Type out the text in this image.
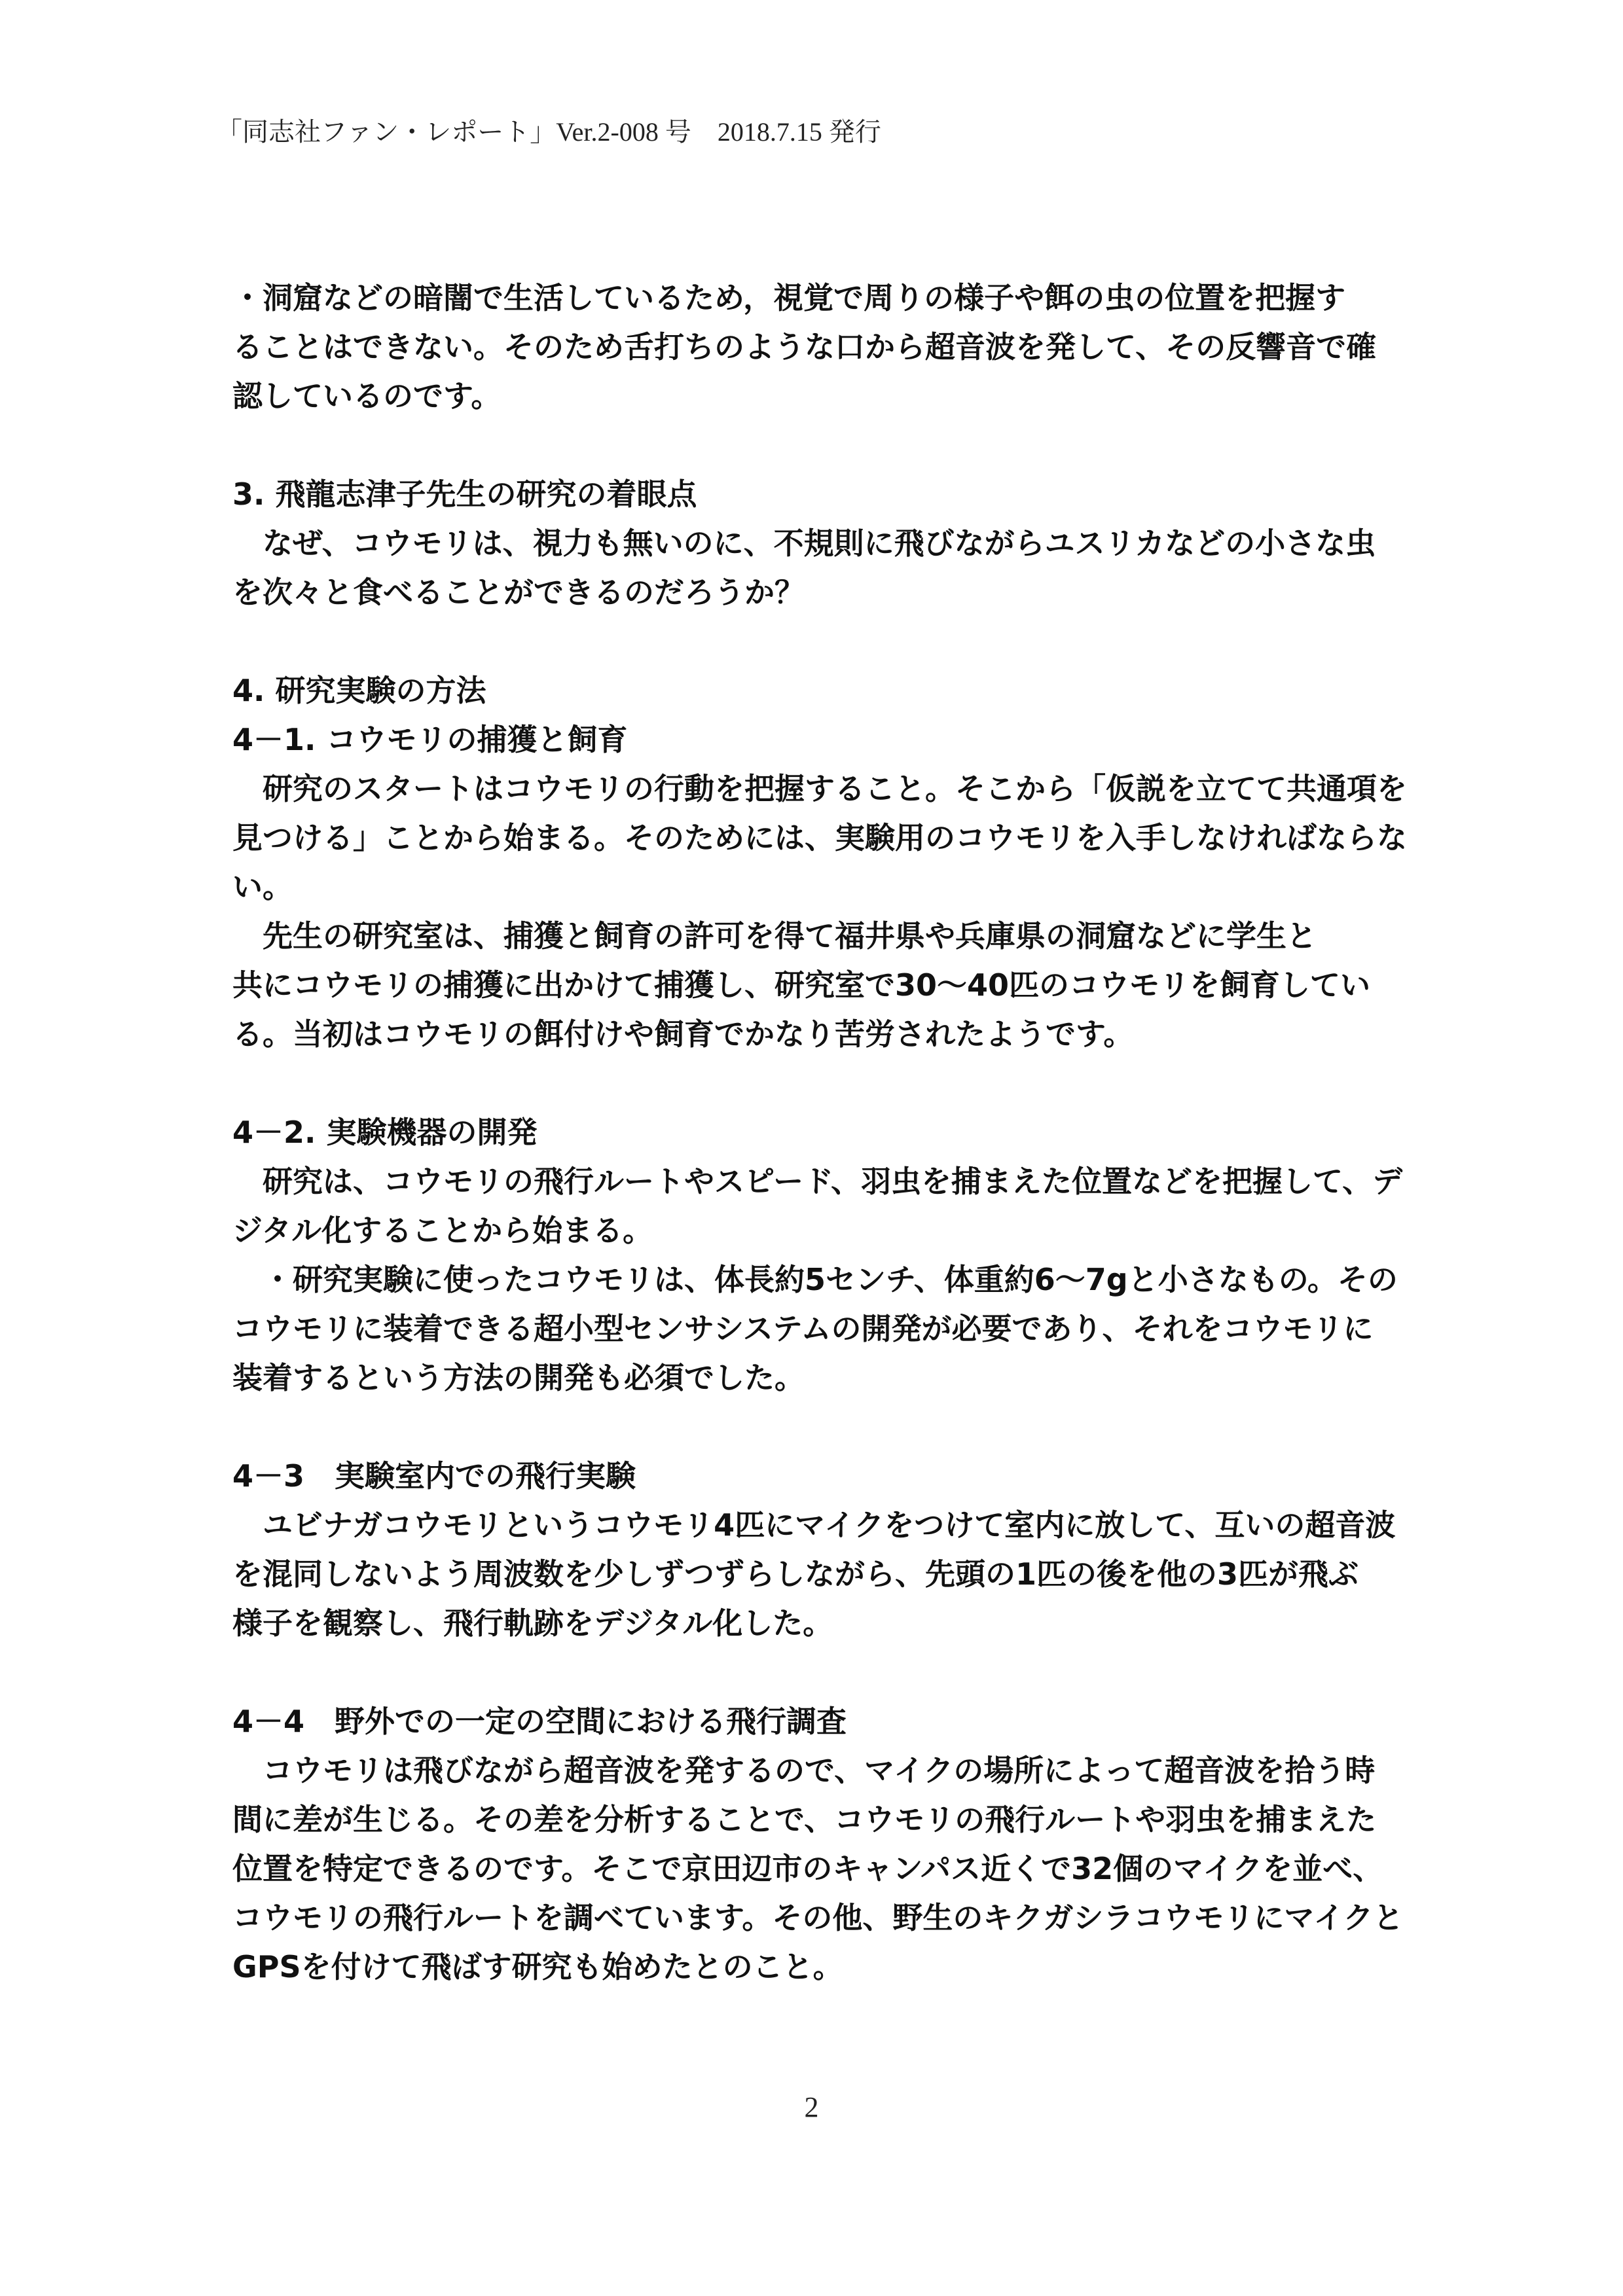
「同志社ファン・レポート」Ver.2-008 号　2018.7.15 発行
・洞窟などの暗闇で生活しているため，視覚で周りの様子や餌の虫の位置を把握す
ることはできない。そのため舌打ちのような口から超音波を発して、その反響音で確
認しているのです。
3. 飛龍志津子先生の研究の着眼点
　なぜ、コウモリは、視力も無いのに、不規則に飛びながらユスリカなどの小さな虫
を次々と食べることができるのだろうか？
4. 研究実験の方法
4－1. コウモリの捕獲と飼育
　研究のスタートはコウモリの行動を把握すること。そこから「仮説を立てて共通項を
見つける」ことから始まる。そのためには、実験用のコウモリを入手しなければならな
い。
　先生の研究室は、捕獲と飼育の許可を得て福井県や兵庫県の洞窟などに学生と
共にコウモリの捕獲に出かけて捕獲し、研究室で30～40匹のコウモリを飼育してい
る。当初はコウモリの餌付けや飼育でかなり苦労されたようです。
4－2. 実験機器の開発
　研究は、コウモリの飛行ルートやスピード、羽虫を捕まえた位置などを把握して、デ
ジタル化することから始まる。
　・研究実験に使ったコウモリは、体長約5センチ、体重約6～7gと小さなもの。その
コウモリに装着できる超小型センサシステムの開発が必要であり、それをコウモリに
装着するという方法の開発も必須でした。
4－3　実験室内での飛行実験
　ユビナガコウモリというコウモリ4匹にマイクをつけて室内に放して、互いの超音波
を混同しないよう周波数を少しずつずらしながら、先頭の1匹の後を他の3匹が飛ぶ
様子を観察し、飛行軌跡をデジタル化した。
4－4　野外での一定の空間における飛行調査
　コウモリは飛びながら超音波を発するので、マイクの場所によって超音波を拾う時
間に差が生じる。その差を分析することで、コウモリの飛行ルートや羽虫を捕まえた
位置を特定できるのです。そこで京田辺市のキャンパス近くで32個のマイクを並べ、
コウモリの飛行ルートを調べています。その他、野生のキクガシラコウモリにマイクと
GPSを付けて飛ばす研究も始めたとのこと。
2
